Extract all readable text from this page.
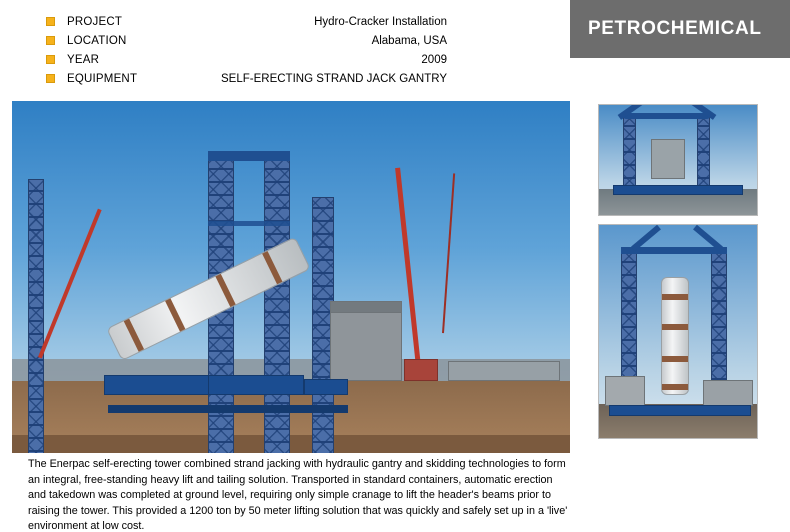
PROJECT	Hydro-Cracker Installation
LOCATION	Alabama, USA
YEAR	2009
EQUIPMENT	SELF-ERECTING STRAND JACK GANTRY
The Enerpac self-erecting tower combined strand jacking with hydraulic gantry and skidding technologies to form an integral, free-standing heavy lift and tailing solution. Transported in standard containers, automatic erection and takedown was completed at ground level, requiring only simple cranage to lift the header's beams prior to raising the tower. This provided a 1200 ton by 50 meter lifting solution that was quickly and safely set up in a 'live' environment at low cost.
PETROCHEMICAL
